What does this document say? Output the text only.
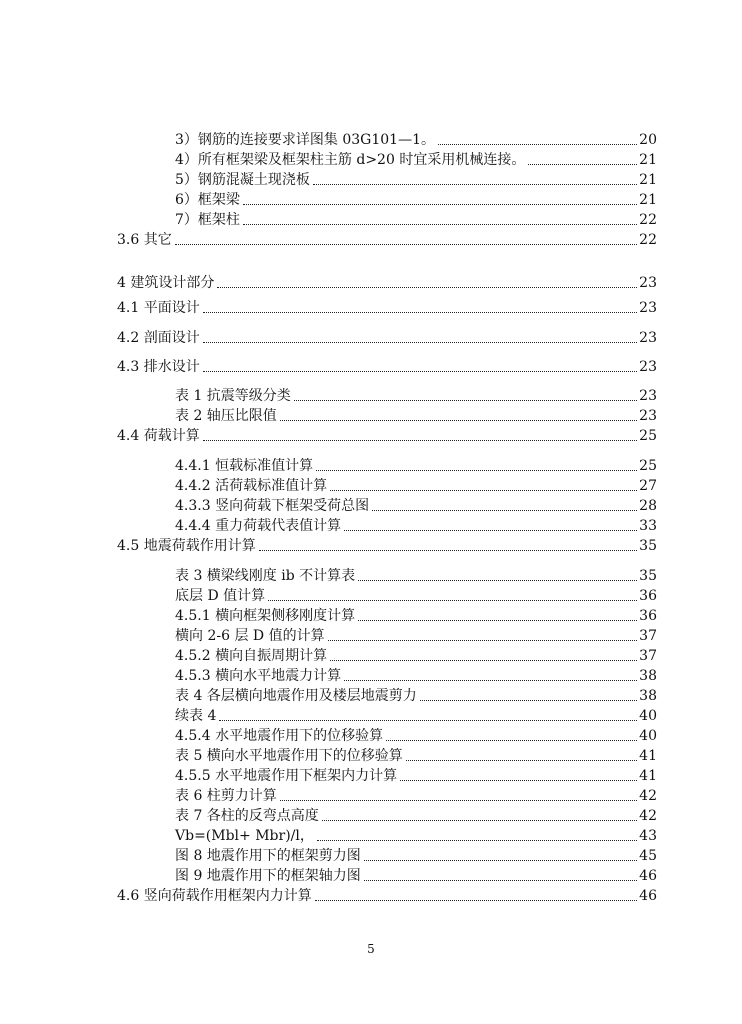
3）钢筋的连接要求详图集 03G101—1。	20
4）所有框架梁及框架柱主筋 d>20 时宜采用机械连接。	21
5）钢筋混凝土现浇板	21
6）框架梁	21
7）框架柱	22
3.6 其它	22
4 建筑设计部分	23
4.1 平面设计	23
4.2 剖面设计	23
4.3 排水设计	23
表 1 抗震等级分类	23
表 2 轴压比限值	23
4.4 荷载计算	25
4.4.1 恒载标准值计算	25
4.4.2 活荷载标准值计算	27
4.3.3 竖向荷载下框架受荷总图	28
4.4.4 重力荷载代表值计算	33
4.5 地震荷载作用计算	35
表 3 横梁线刚度 ib 不计算表	35
底层 D 值计算	36
4.5.1 横向框架侧移刚度计算	36
横向 2-6 层 D 值的计算	37
4.5.2 横向自振周期计算	37
4.5.3 横向水平地震力计算	38
表 4 各层横向地震作用及楼层地震剪力	38
续表 4	40
4.5.4 水平地震作用下的位移验算	40
表 5 横向水平地震作用下的位移验算	41
4.5.5 水平地震作用下框架内力计算	41
表 6 柱剪力计算	42
表 7 各柱的反弯点高度	42
Vb=(Mbl+ Mbr)/l，	43
图 8 地震作用下的框架剪力图	45
图 9 地震作用下的框架轴力图	46
4.6 竖向荷载作用框架内力计算	46
5
